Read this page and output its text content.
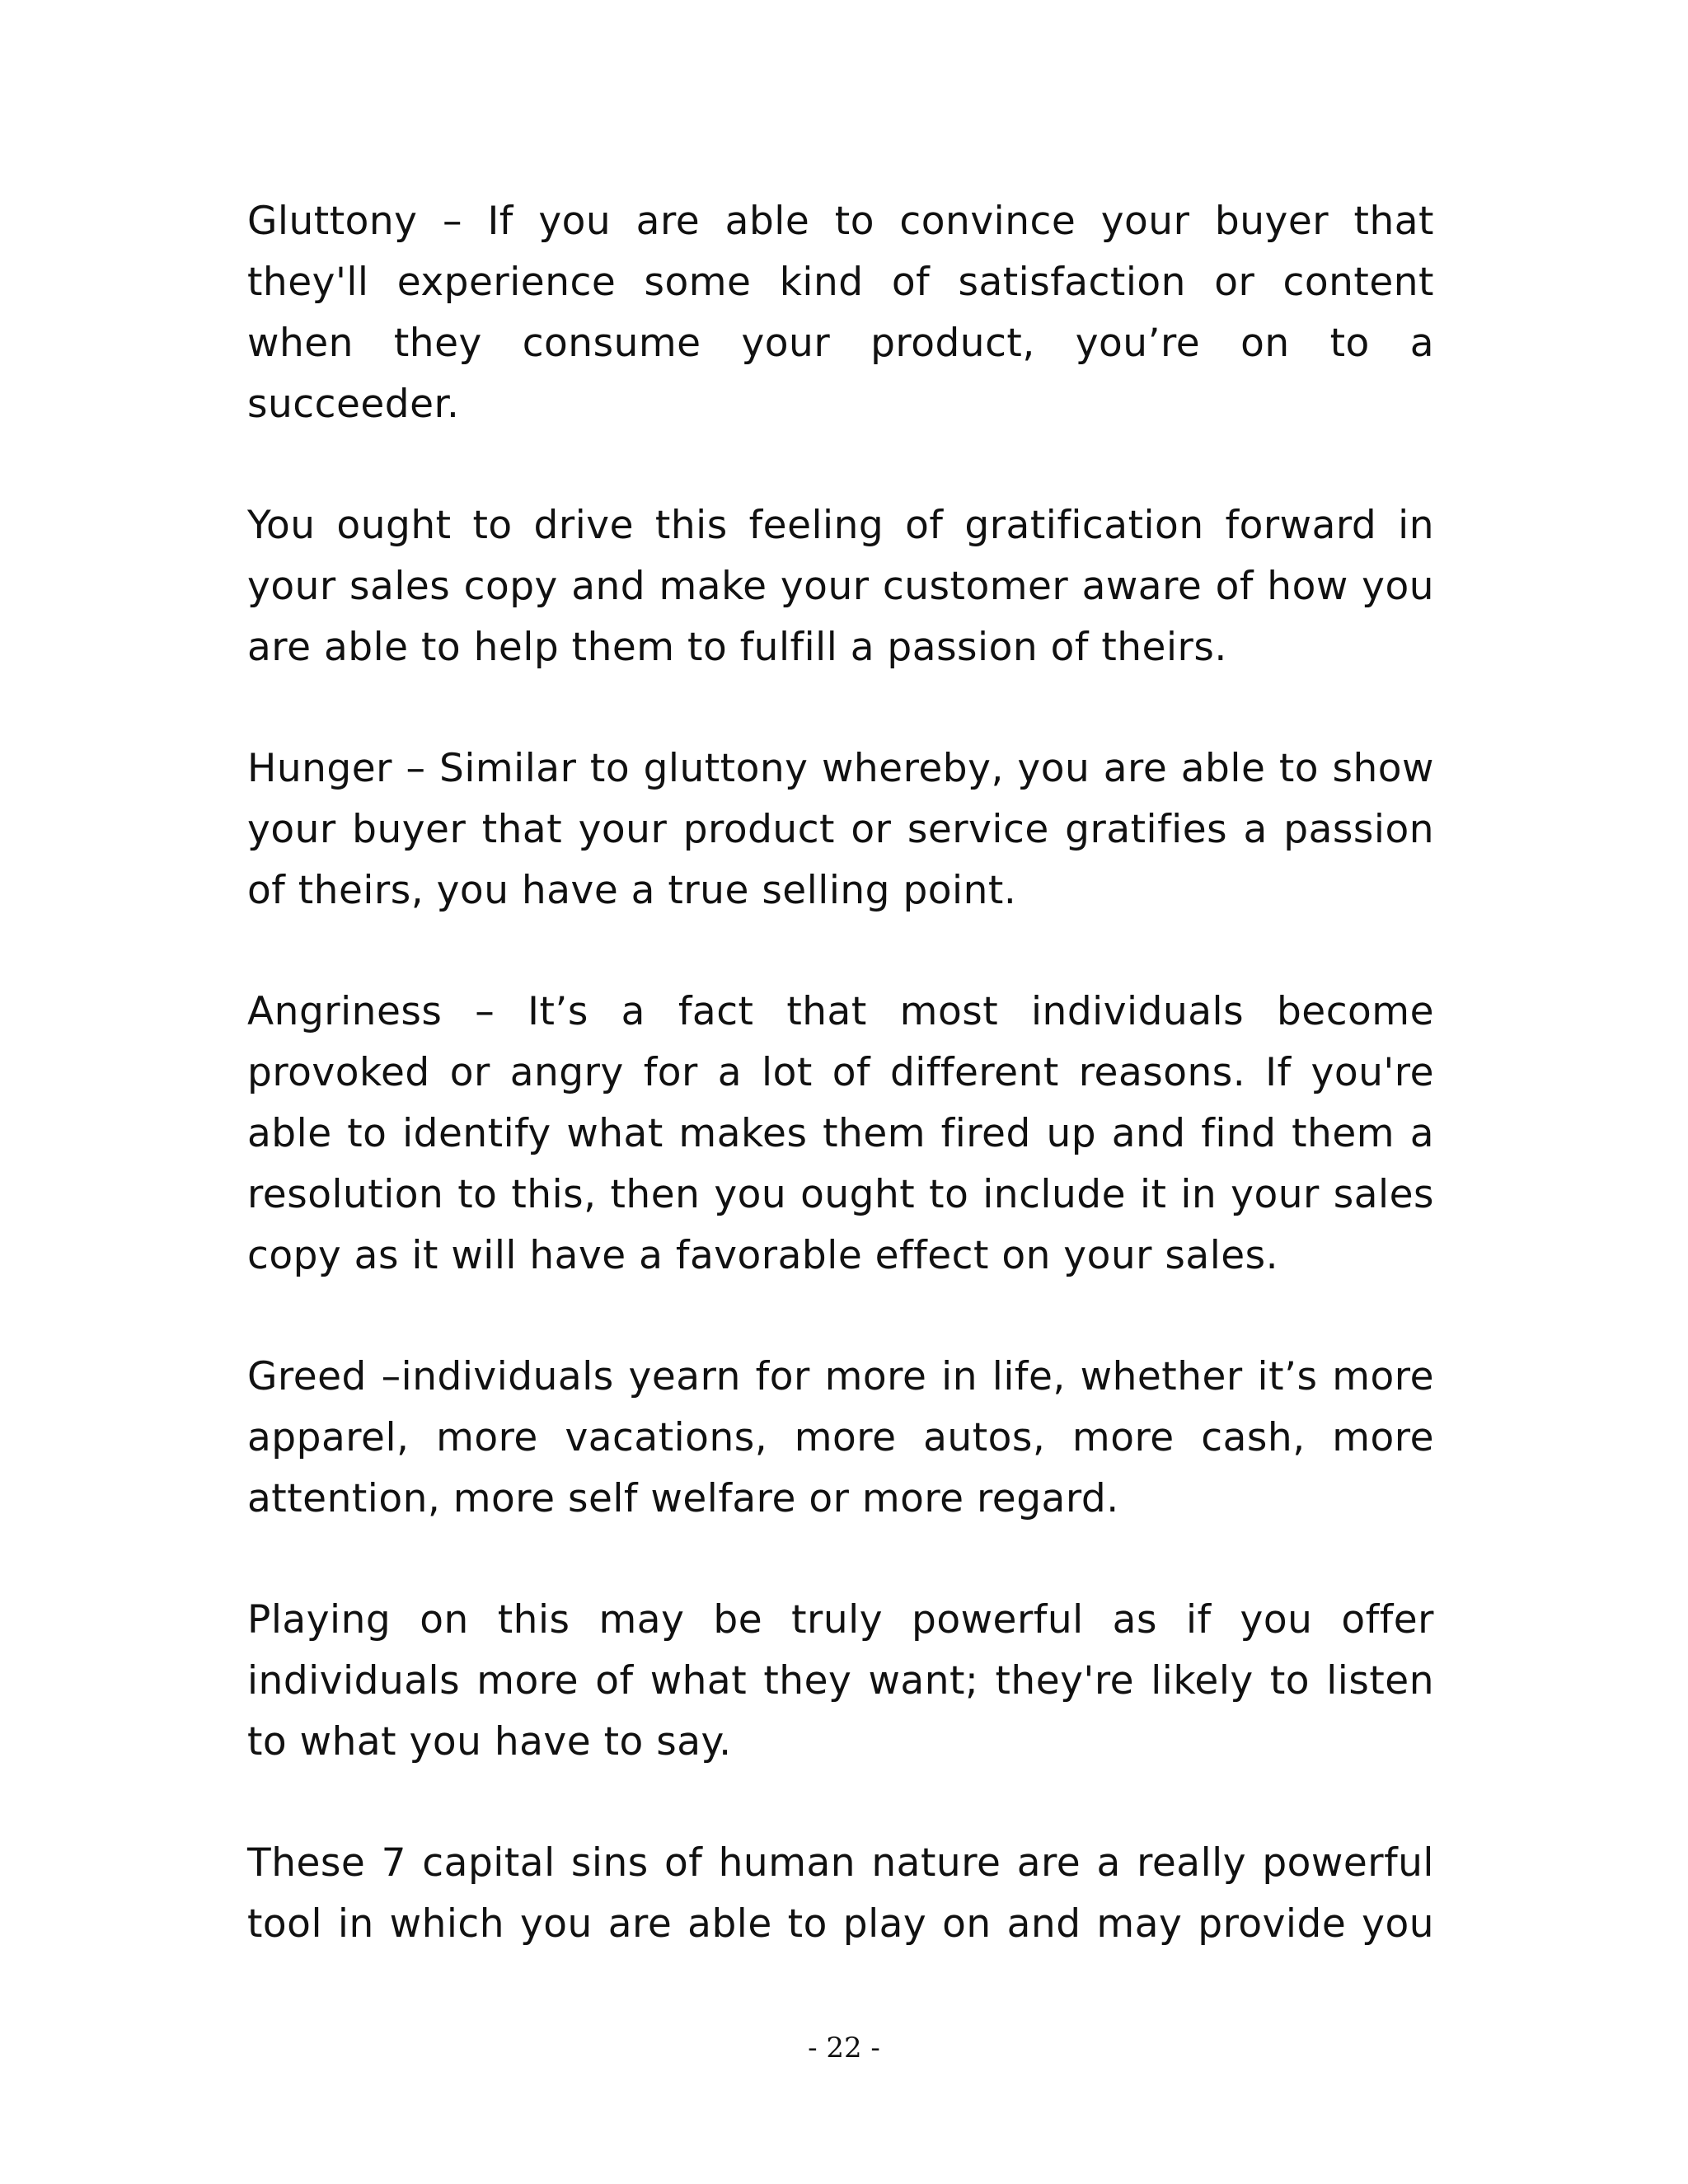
Gluttony – If you are able to convince your buyer that they'll experience some kind of satisfaction or content when they consume your product, you’re on to a succeeder.

You ought to drive this feeling of gratification forward in your sales copy and make your customer aware of how you are able to help them to fulfill a passion of theirs.

Hunger – Similar to gluttony whereby, you are able to show your buyer that your product or service gratifies a passion of theirs, you have a true selling point.

Angriness – It’s a fact that most individuals become provoked or angry for a lot of different reasons. If you're able to identify what makes them fired up and find them a resolution to this, then you ought to include it in your sales copy as it will have a favorable effect on your sales.

Greed –individuals yearn for more in life, whether it’s more apparel, more vacations, more autos, more cash, more attention, more self welfare or more regard.

Playing on this may be truly powerful as if you offer individuals more of what they want; they're likely to listen to what you have to say.

These 7 capital sins of human nature are a really powerful tool in which you are able to play on and may provide you

- 22 -
